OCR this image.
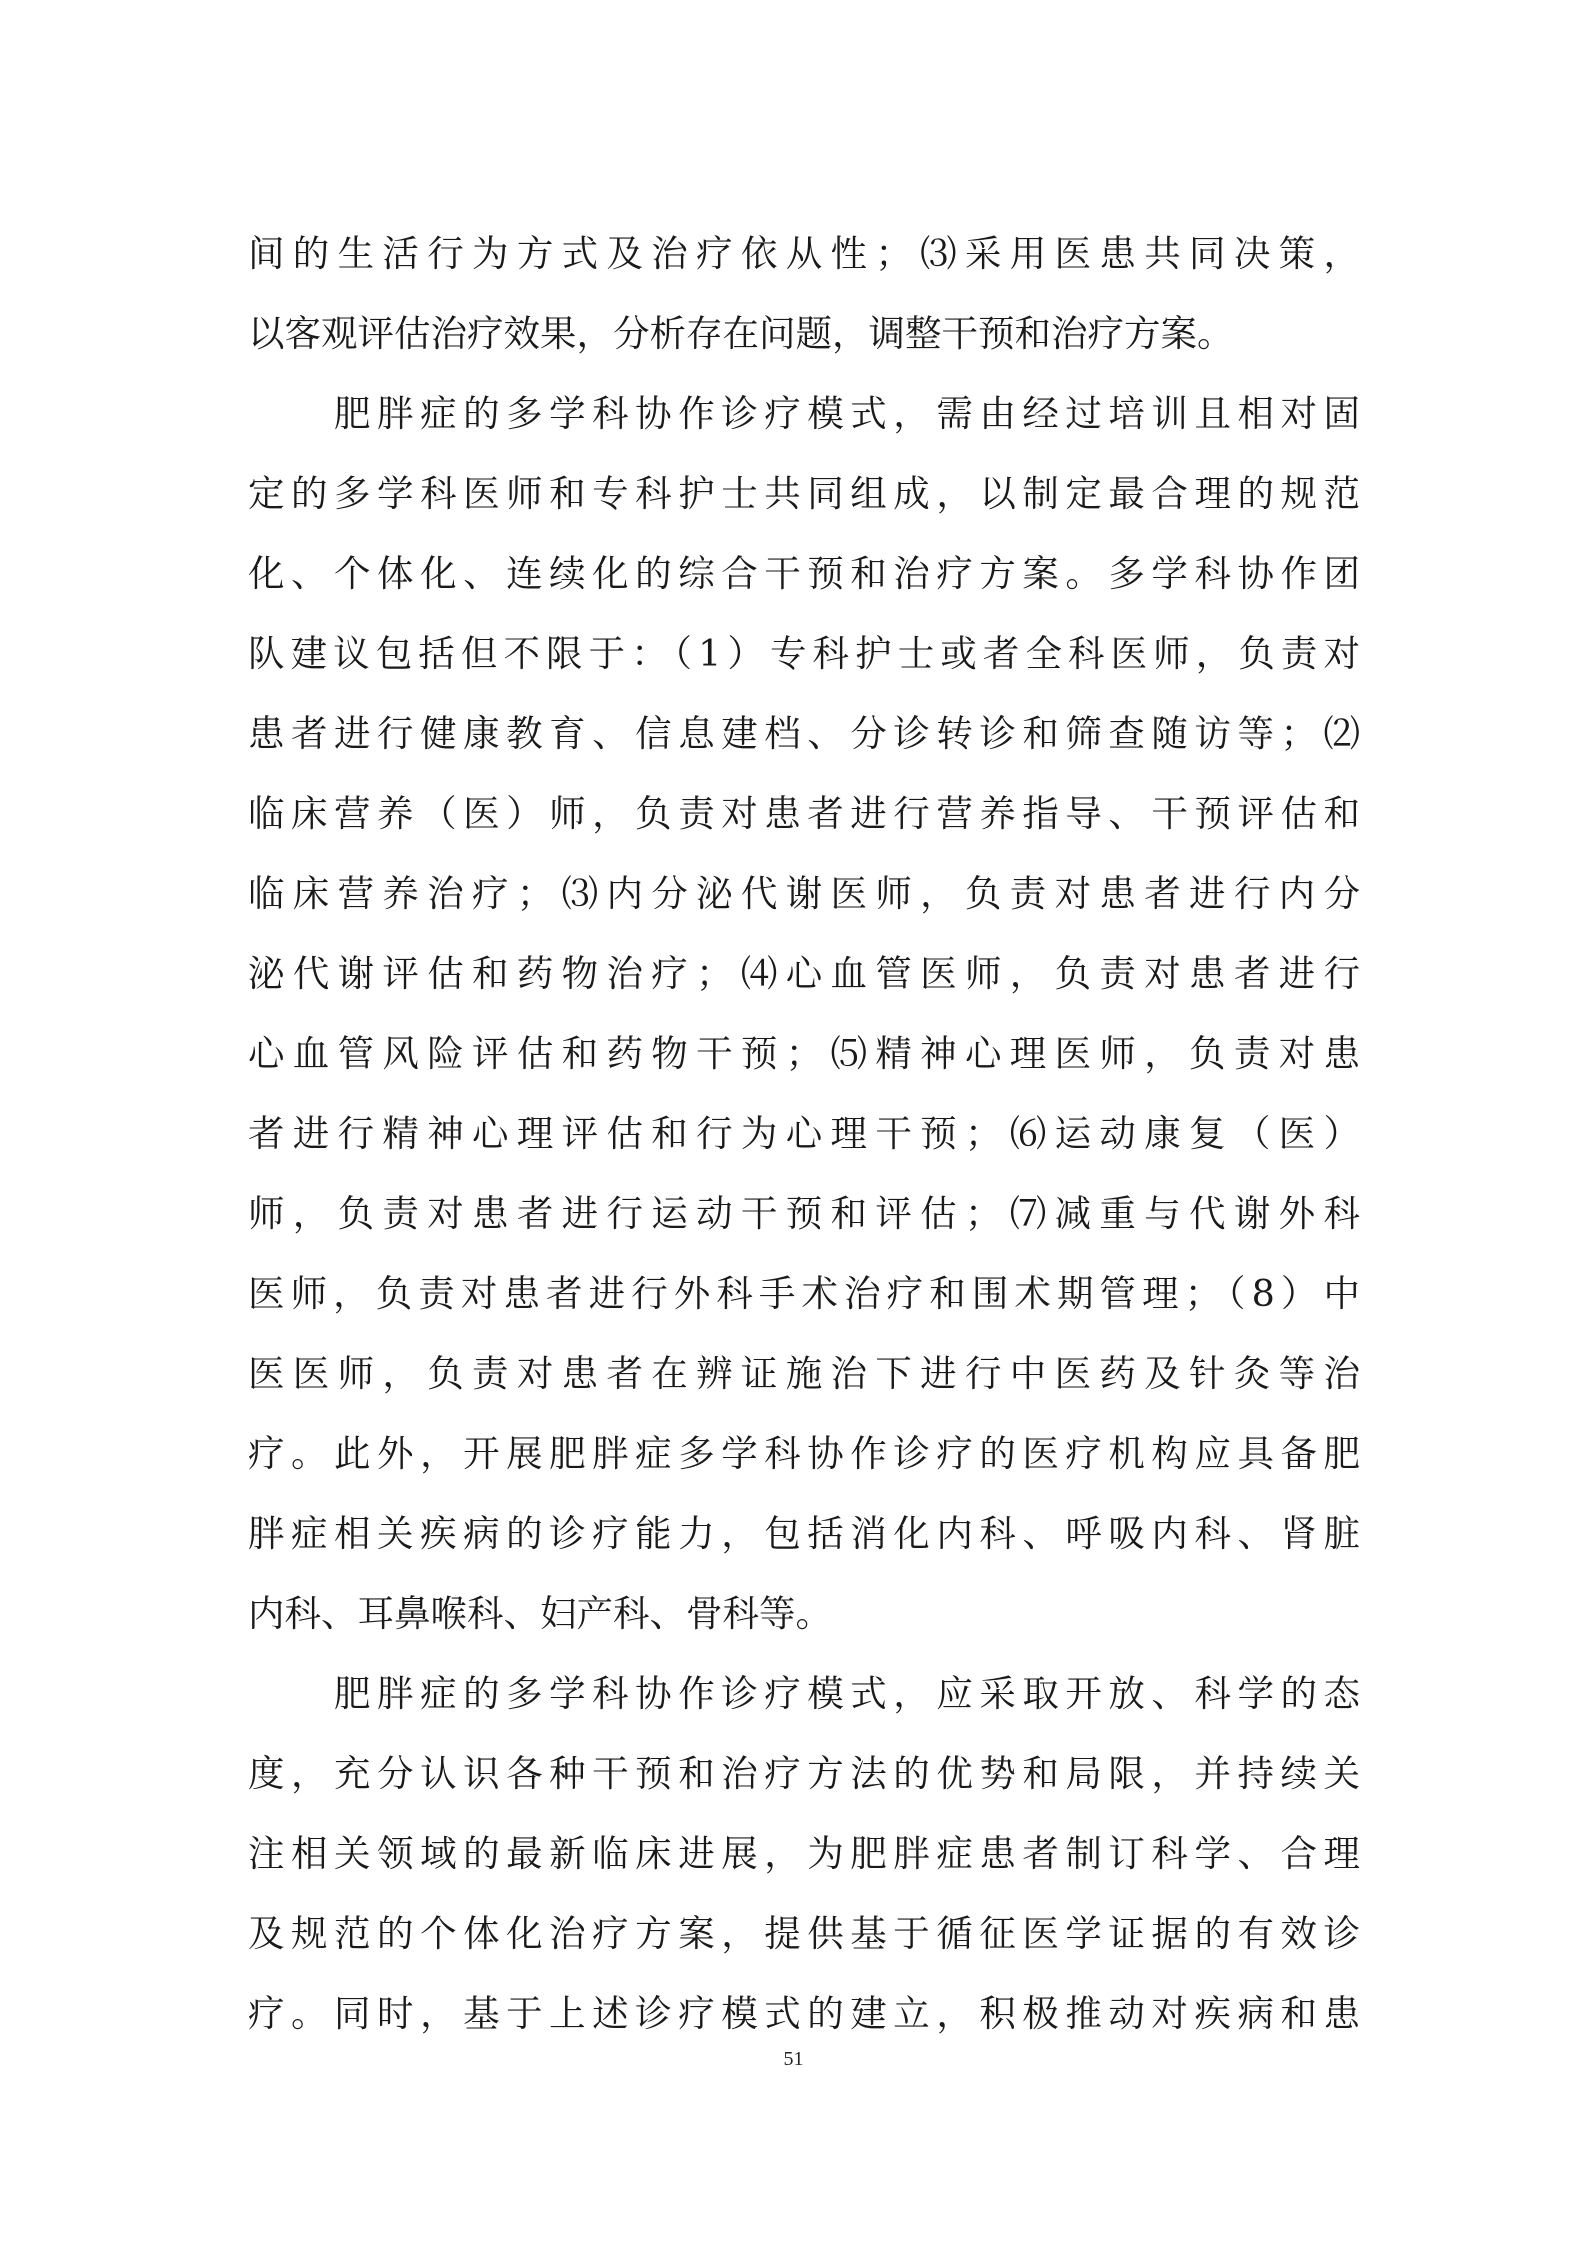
间的生活行为方式及治疗依从性；⑶采用医患共同决策，
以客观评估治疗效果，分析存在问题，调整干预和治疗方案。
　　肥胖症的多学科协作诊疗模式，需由经过培训且相对固
定的多学科医师和专科护士共同组成，以制定最合理的规范
化、个体化、连续化的综合干预和治疗方案。多学科协作团
队建议包括但不限于：（1）专科护士或者全科医师，负责对
患者进行健康教育、信息建档、分诊转诊和筛查随访等；⑵
临床营养（医）师，负责对患者进行营养指导、干预评估和
临床营养治疗；⑶内分泌代谢医师，负责对患者进行内分
泌代谢评估和药物治疗；⑷心血管医师，负责对患者进行
心血管风险评估和药物干预；⑸精神心理医师，负责对患
者进行精神心理评估和行为心理干预；⑹运动康复（医）
师，负责对患者进行运动干预和评估；⑺减重与代谢外科
医师，负责对患者进行外科手术治疗和围术期管理；（8）中
医医师，负责对患者在辨证施治下进行中医药及针灸等治
疗。此外，开展肥胖症多学科协作诊疗的医疗机构应具备肥
胖症相关疾病的诊疗能力，包括消化内科、呼吸内科、肾脏
内科、耳鼻喉科、妇产科、骨科等。
　　肥胖症的多学科协作诊疗模式，应采取开放、科学的态
度，充分认识各种干预和治疗方法的优势和局限，并持续关
注相关领域的最新临床进展，为肥胖症患者制订科学、合理
及规范的个体化治疗方案，提供基于循征医学证据的有效诊
疗。同时，基于上述诊疗模式的建立，积极推动对疾病和患
51
